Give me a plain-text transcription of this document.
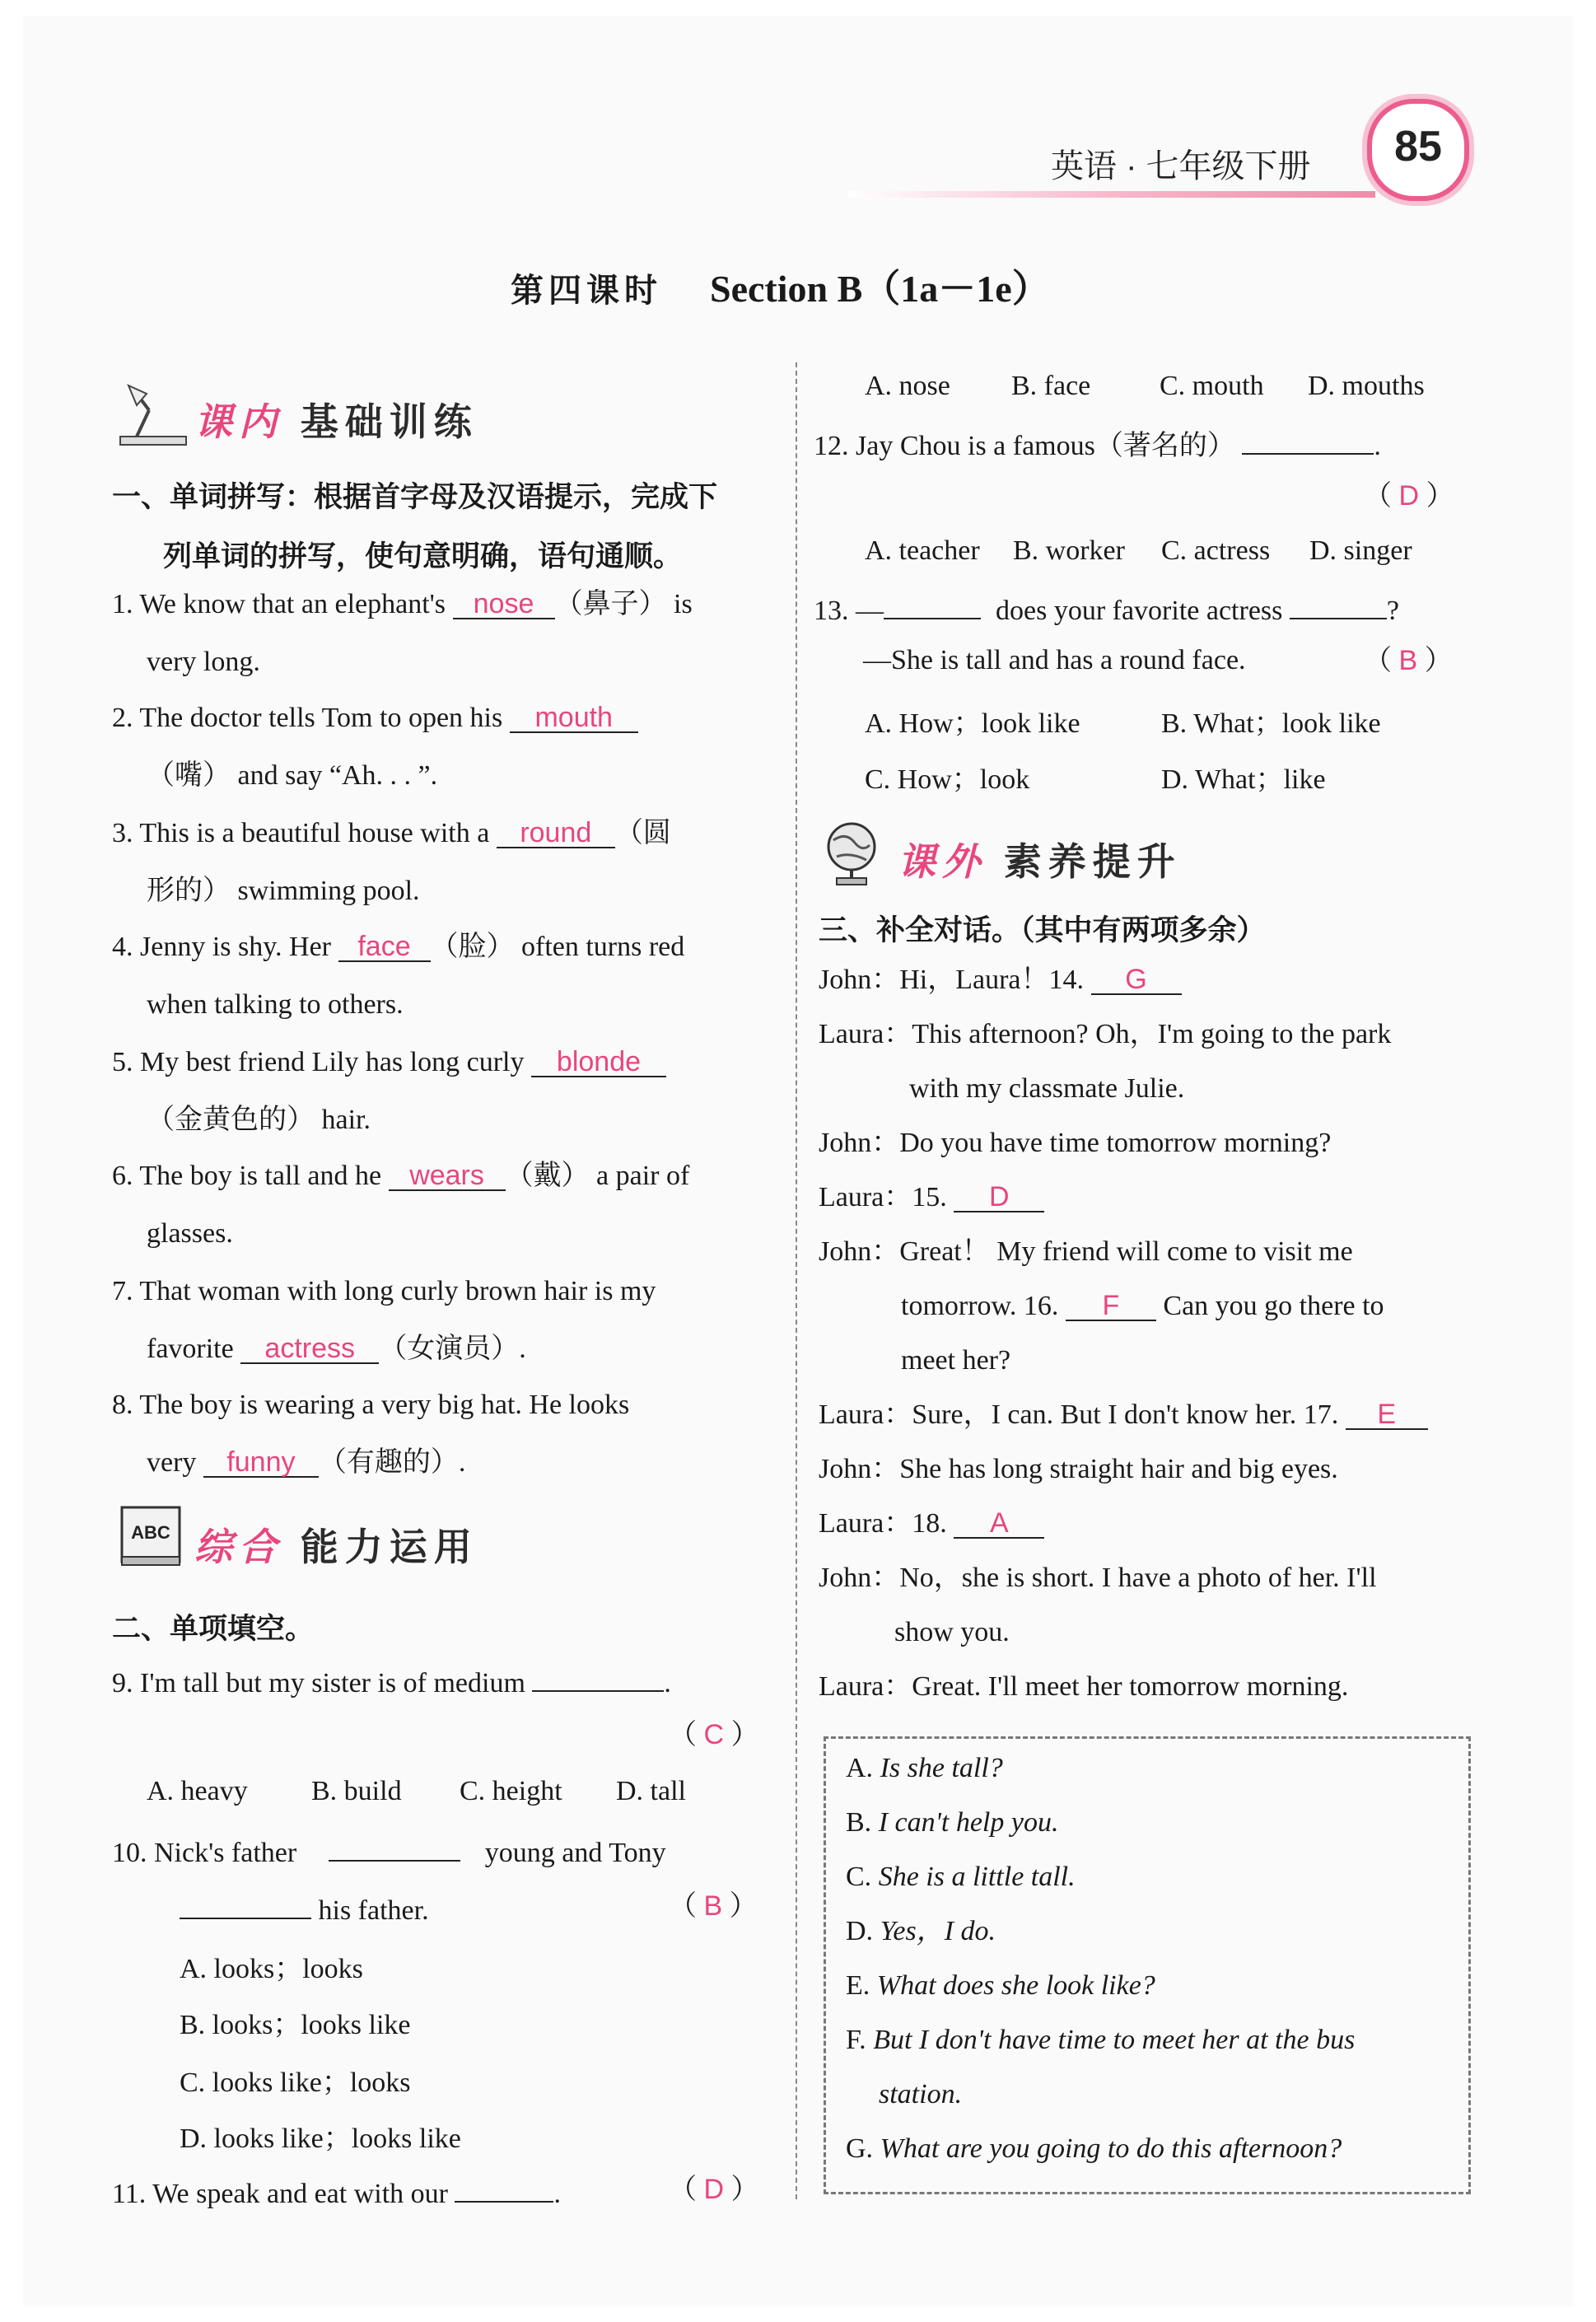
英语 · 七年级下册	85
第四课时 Section B（1a－1e）
课内 基础训练
一、单词拼写：根据首字母及汉语提示，完成下
列单词的拼写，使句意明确，语句通顺。
1. We know that an elephant's nose （鼻子） is
very long.
2. The doctor tells Tom to open his mouth
（嘴） and say “Ah. . . ”.
3. This is a beautiful house with a round （圆
形的） swimming pool.
4. Jenny is shy. Her face （脸） often turns red
when talking to others.
5. My best friend Lily has long curly blonde
（金黄色的） hair.
6. The boy is tall and he wears （戴） a pair of
glasses.
7. That woman with long curly brown hair is my
favorite actress （女演员）.
8. The boy is wearing a very big hat. He looks
very funny （有趣的）.
ABC 综合 能力运用
二、单项填空。
9. I'm tall but my sister is of medium	.
（ C ）
A. heavy B. build C. height D. tall
10. Nick's father	young and Tony
his father.	（ B ）
A. looks；looks
B. looks；looks like
C. looks like；looks
D. looks like；looks like
11. We speak and eat with our	.	（ D ）
A. nose B. face C. mouth D. mouths
12. Jay Chou is a famous（著名的）	.
（ D ）
A. teacher B. worker C. actress D. singer
13. —	does your favorite actress	?
—She is tall and has a round face.	（ B ）
A. How；look like	B. What；look like
C. How；look	D. What；like
课外 素养提升
三、补全对话。（其中有两项多余）
John：Hi，Laura！14. G
Laura：This afternoon? Oh，I'm going to the park
with my classmate Julie.
John：Do you have time tomorrow morning?
Laura：15. D
John：Great！ My friend will come to visit me
tomorrow. 16. F Can you go there to
meet her?
Laura：Sure，I can. But I don't know her. 17. E
John：She has long straight hair and big eyes.
Laura：18. A
John：No，she is short. I have a photo of her. I'll
show you.
Laura：Great. I'll meet her tomorrow morning.
A. Is she tall?
B. I can't help you.
C. She is a little tall.
D. Yes，I do.
E. What does she look like?
F. But I don't have time to meet her at the bus
station.
G. What are you going to do this afternoon?
